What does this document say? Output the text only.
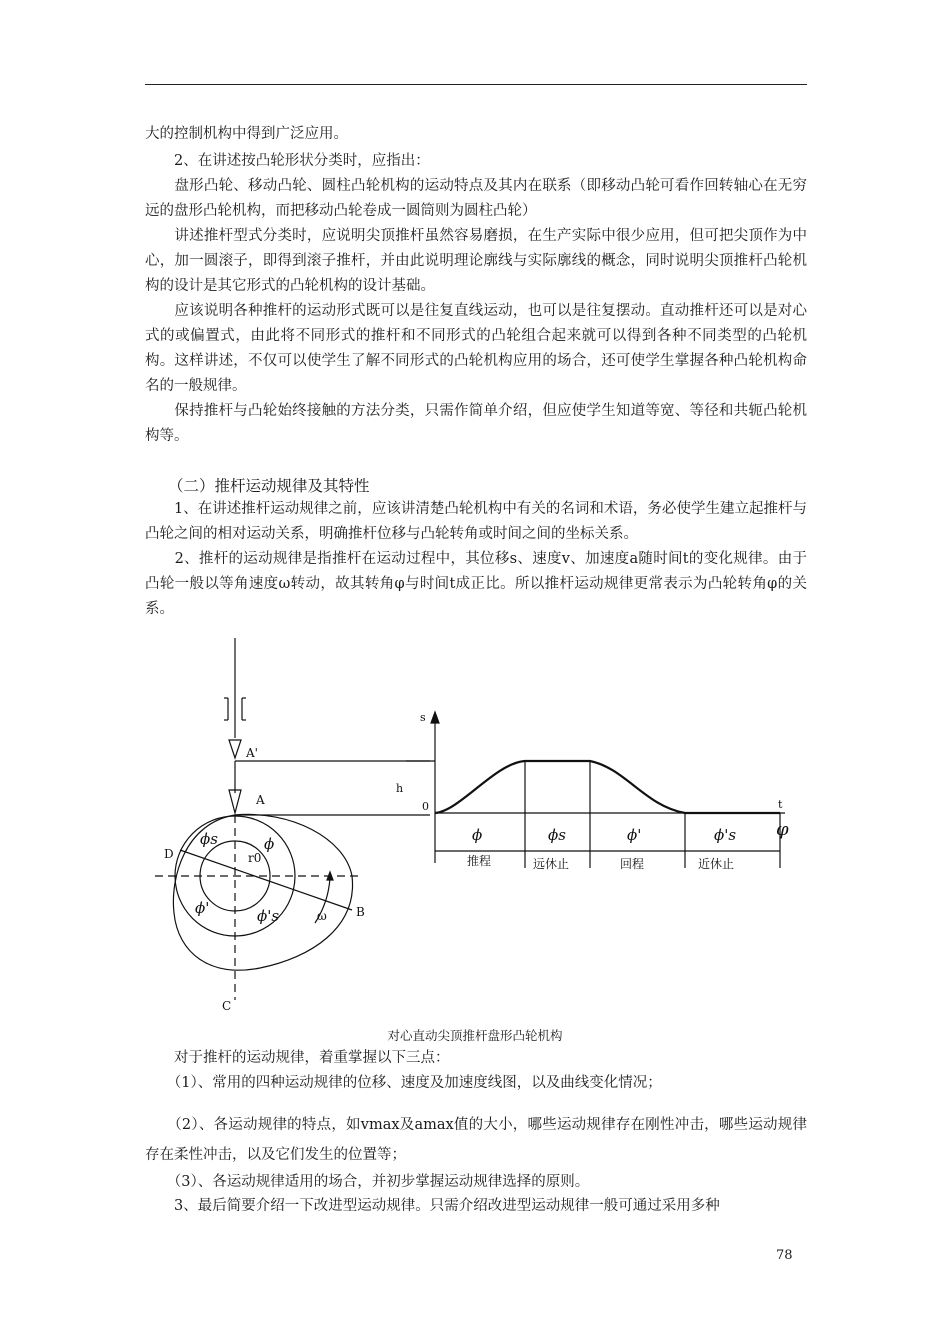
大的控制机构中得到广泛应用。

　　2、在讲述按凸轮形状分类时，应指出：

　　盘形凸轮、移动凸轮、圆柱凸轮机构的运动特点及其内在联系（即移动凸轮可看作回转轴心在无穷远的盘形凸轮机构，而把移动凸轮卷成一圆筒则为圆柱凸轮）

　　讲述推杆型式分类时，应说明尖顶推杆虽然容易磨损，在生产实际中很少应用，但可把尖顶作为中心，加一圆滚子，即得到滚子推杆，并由此说明理论廓线与实际廓线的概念，同时说明尖顶推杆凸轮机构的设计是其它形式的凸轮机构的设计基础。

　　应该说明各种推杆的运动形式既可以是往复直线运动，也可以是往复摆动。直动推杆还可以是对心式的或偏置式，由此将不同形式的推杆和不同形式的凸轮组合起来就可以得到各种不同类型的凸轮机构。这样讲述，不仅可以使学生了解不同形式的凸轮机构应用的场合，还可使学生掌握各种凸轮机构命名的一般规律。

　　保持推杆与凸轮始终接触的方法分类，只需作简单介绍，但应使学生知道等宽、等径和共轭凸轮机构等。

（二）推杆运动规律及其特性

　　1、在讲述推杆运动规律之前，应该讲清楚凸轮机构中有关的名词和术语，务必使学生建立起推杆与凸轮之间的相对运动关系，明确推杆位移与凸轮转角或时间之间的坐标关系。

　　2、推杆的运动规律是指推杆在运动过程中，其位移s、速度v、加速度a随时间t的变化规律。由于凸轮一般以等角速度ω转动，故其转角φ与时间t成正比。所以推杆运动规律更常表示为凸轮转角φ的关系。

A'
A
B
C
D	r0
ω
ϕs	ϕ
ϕ'	ϕ's
s
h
0	t
φ
ϕ	ϕs	ϕ'	ϕ's
推程	远休止	回程	近休止
对心直动尖顶推杆盘形凸轮机构

　　对于推杆的运动规律，着重掌握以下三点：

　　（1）、常用的四种运动规律的位移、速度及加速度线图，以及曲线变化情况；

　　（2）、各运动规律的特点，如vmax及amax值的大小，哪些运动规律存在刚性冲击，哪些运动规律存在柔性冲击，以及它们发生的位置等；

　　（3）、各运动规律适用的场合，并初步掌握运动规律选择的原则。

　　3、最后简要介绍一下改进型运动规律。只需介绍改进型运动规律一般可通过采用多种

78
